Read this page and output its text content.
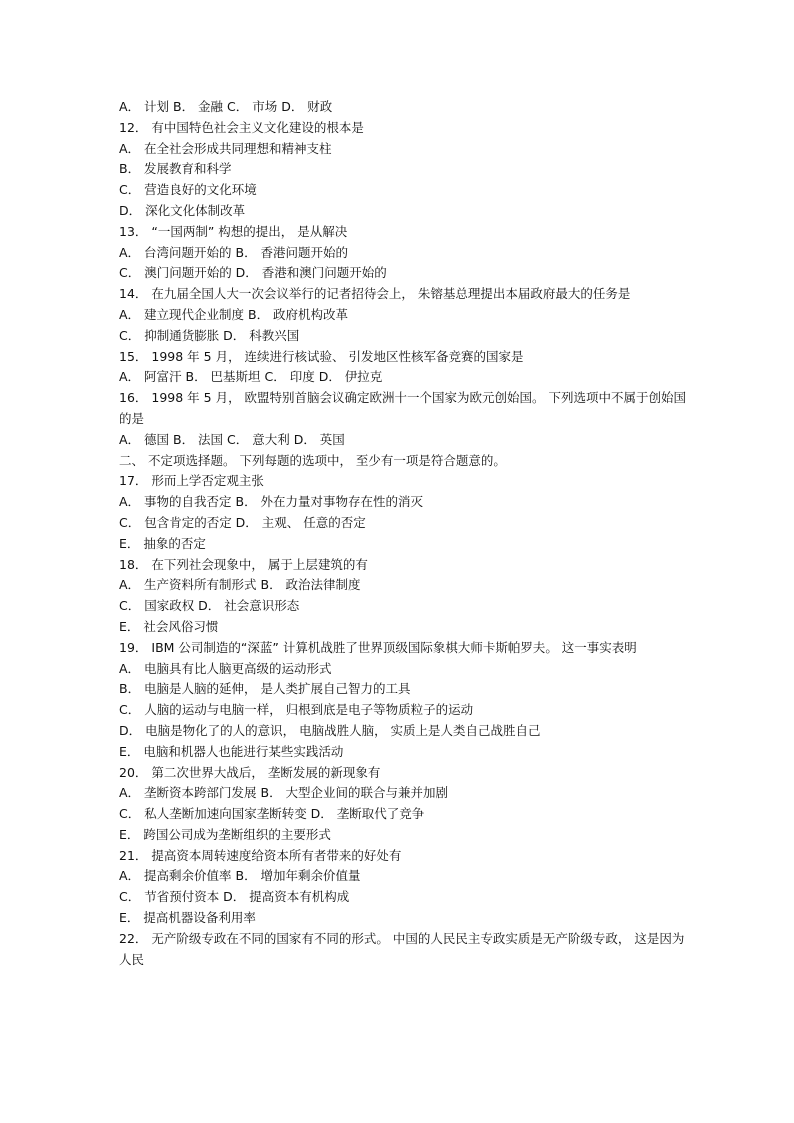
A． 计划 B． 金融 C． 市场 D． 财政

12． 有中国特色社会主义文化建设的根本是

A． 在全社会形成共同理想和精神支柱

B． 发展教育和科学

C． 营造良好的文化环境

D． 深化文化体制改革

13． “一国两制” 构想的提出， 是从解决

A． 台湾问题开始的 B． 香港问题开始的

C． 澳门问题开始的 D． 香港和澳门问题开始的

14． 在九届全国人大一次会议举行的记者招待会上， 朱镕基总理提出本届政府最大的任务是

A． 建立现代企业制度 B． 政府机构改革

C． 抑制通货膨胀 D． 科教兴国

15． 1998 年 5 月， 连续进行核试验、 引发地区性核军备竞赛的国家是

A． 阿富汗 B． 巴基斯坦 C． 印度 D． 伊拉克

16． 1998 年 5 月， 欧盟特别首脑会议确定欧洲十一个国家为欧元创始国。 下列选项中不属于创始国的是

A． 德国 B． 法国 C． 意大利 D． 英国

二、 不定项选择题。 下列每题的选项中， 至少有一项是符合题意的。

17． 形而上学否定观主张

A． 事物的自我否定 B． 外在力量对事物存在性的消灭

C． 包含肯定的否定 D． 主观、 任意的否定

E． 抽象的否定

18． 在下列社会现象中， 属于上层建筑的有

A． 生产资料所有制形式 B． 政治法律制度

C． 国家政权 D． 社会意识形态

E． 社会风俗习惯

19． IBM 公司制造的“深蓝” 计算机战胜了世界顶级国际象棋大师卡斯帕罗夫。 这一事实表明

A． 电脑具有比人脑更高级的运动形式

B． 电脑是人脑的延伸， 是人类扩展自己智力的工具

C． 人脑的运动与电脑一样， 归根到底是电子等物质粒子的运动

D． 电脑是物化了的人的意识， 电脑战胜人脑， 实质上是人类自己战胜自己

E． 电脑和机器人也能进行某些实践活动

20． 第二次世界大战后， 垄断发展的新现象有

A． 垄断资本跨部门发展 B． 大型企业间的联合与兼并加剧

C． 私人垄断加速向国家垄断转变 D． 垄断取代了竞争

E． 跨国公司成为垄断组织的主要形式

21． 提高资本周转速度给资本所有者带来的好处有

A． 提高剩余价值率 B． 增加年剩余价值量

C． 节省预付资本 D． 提高资本有机构成

E． 提高机器设备利用率

22． 无产阶级专政在不同的国家有不同的形式。 中国的人民民主专政实质是无产阶级专政， 这是因为人民
